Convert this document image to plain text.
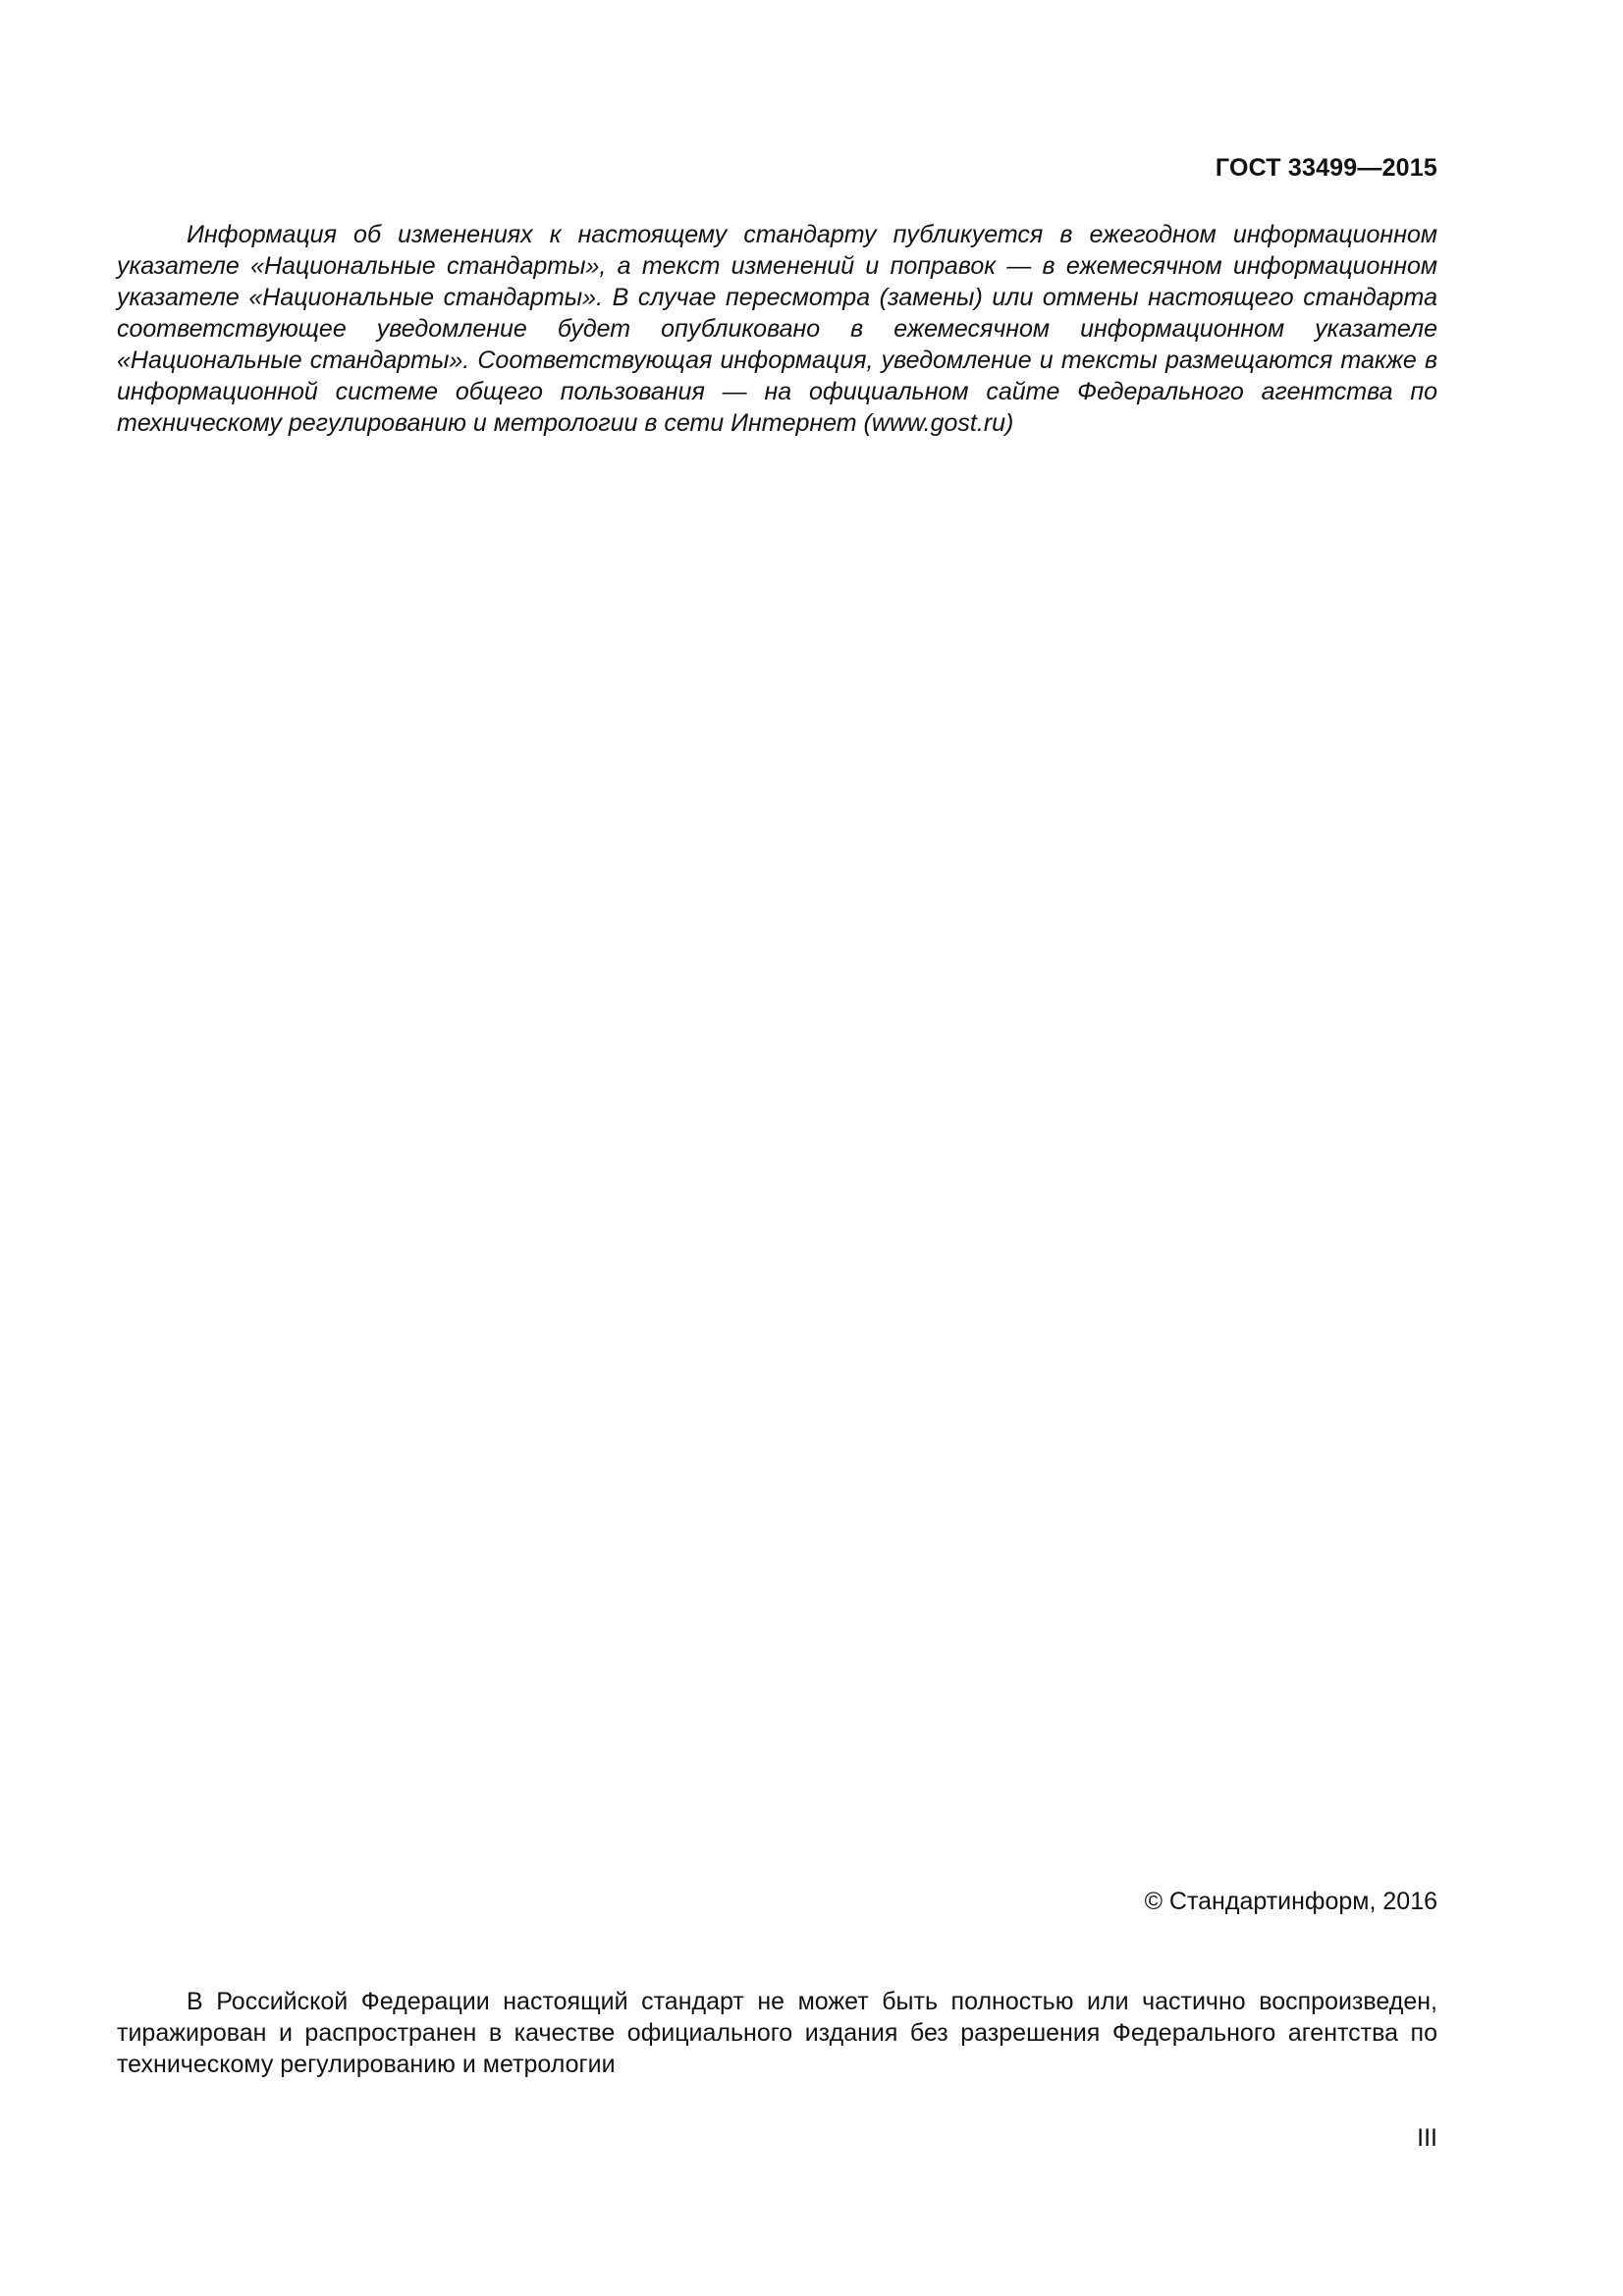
ГОСТ 33499—2015

Информация об изменениях к настоящему стандарту публикуется в ежегодном информационном указателе «Национальные стандарты», а текст изменений и поправок — в ежемесячном информационном указателе «Национальные стандарты». В случае пересмотра (замены) или отмены настоящего стандарта соответствующее уведомление будет опубликовано в ежемесячном информационном указателе «Национальные стандарты». Соответствующая информация, уведомление и тексты размещаются также в информационной системе общего пользования — на официальном сайте Федерального агентства по техническому регулированию и метрологии в сети Интернет (www.gost.ru)

© Стандартинформ, 2016

В Российской Федерации настоящий стандарт не может быть полностью или частично воспроизведен, тиражирован и распространен в качестве официального издания без разрешения Федерального агентства по техническому регулированию и метрологии

III
